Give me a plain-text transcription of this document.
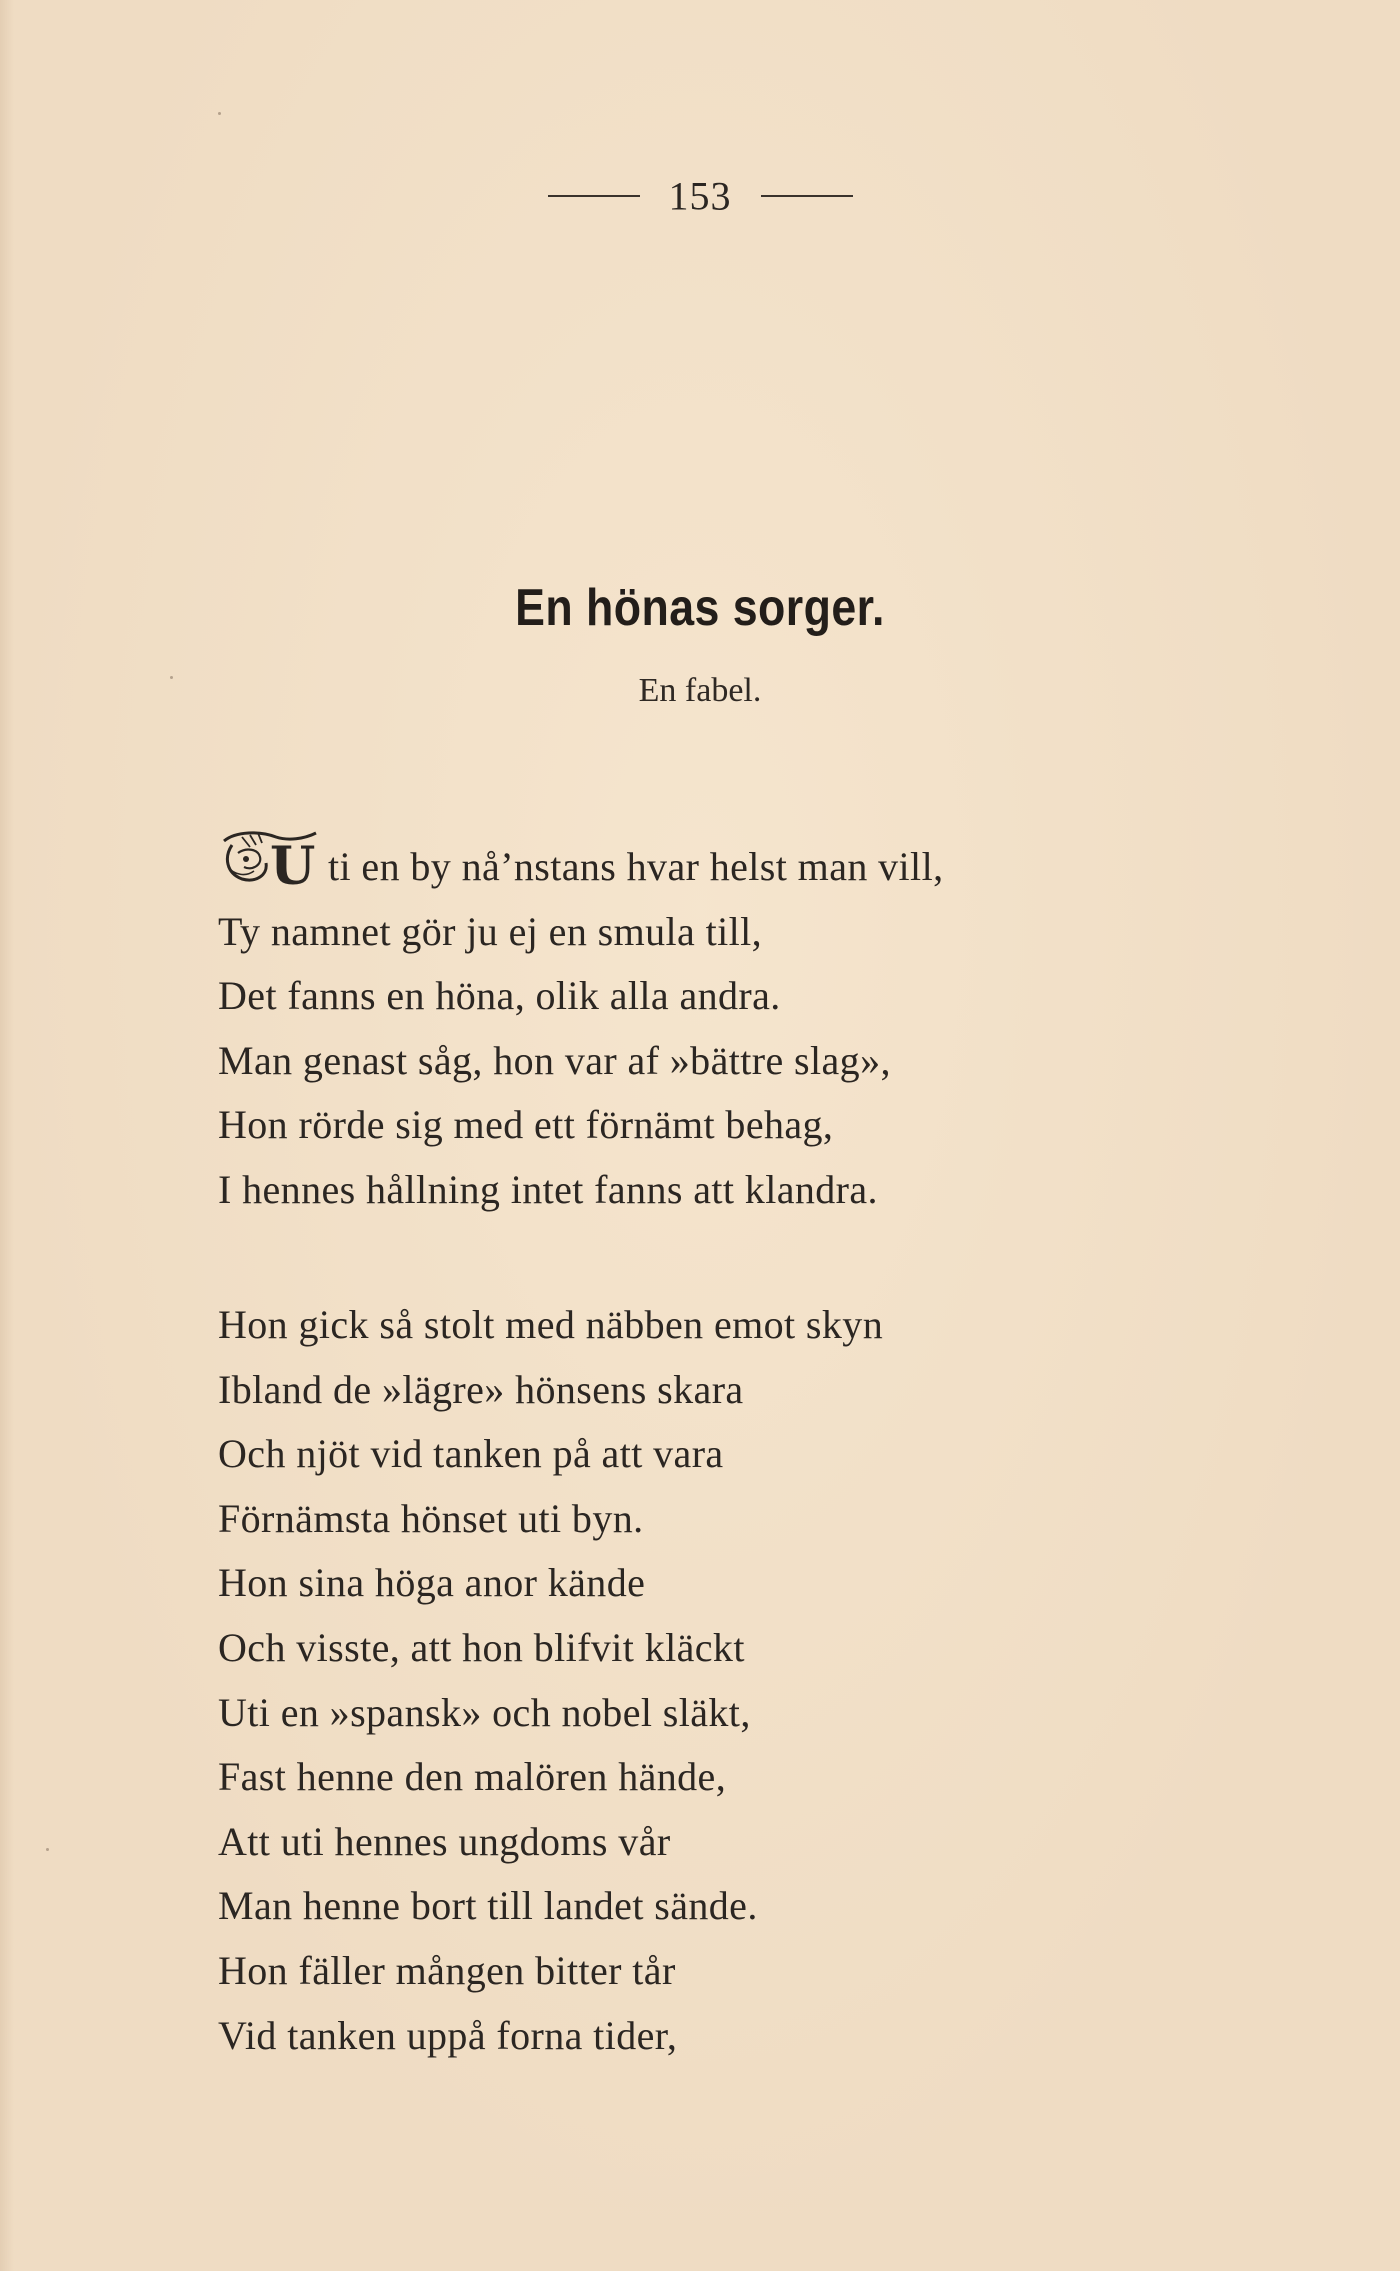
153
En hönas sorger.
En fabel.
U ti en by nå’nstans hvar helst man vill,
Ty namnet gör ju ej en smula till,
Det fanns en höna, olik alla andra.
Man genast såg, hon var af »bättre slag»,
Hon rörde sig med ett förnämt behag,
I hennes hållning intet fanns att klandra.
Hon gick så stolt med näbben emot skyn
Ibland de »lägre» hönsens skara
Och njöt vid tanken på att vara
Förnämsta hönset uti byn.
Hon sina höga anor kände
Och visste, att hon blifvit kläckt
Uti en »spansk» och nobel släkt,
Fast henne den malören hände,
Att uti hennes ungdoms vår
Man henne bort till landet sände.
Hon fäller mången bitter tår
Vid tanken uppå forna tider,
